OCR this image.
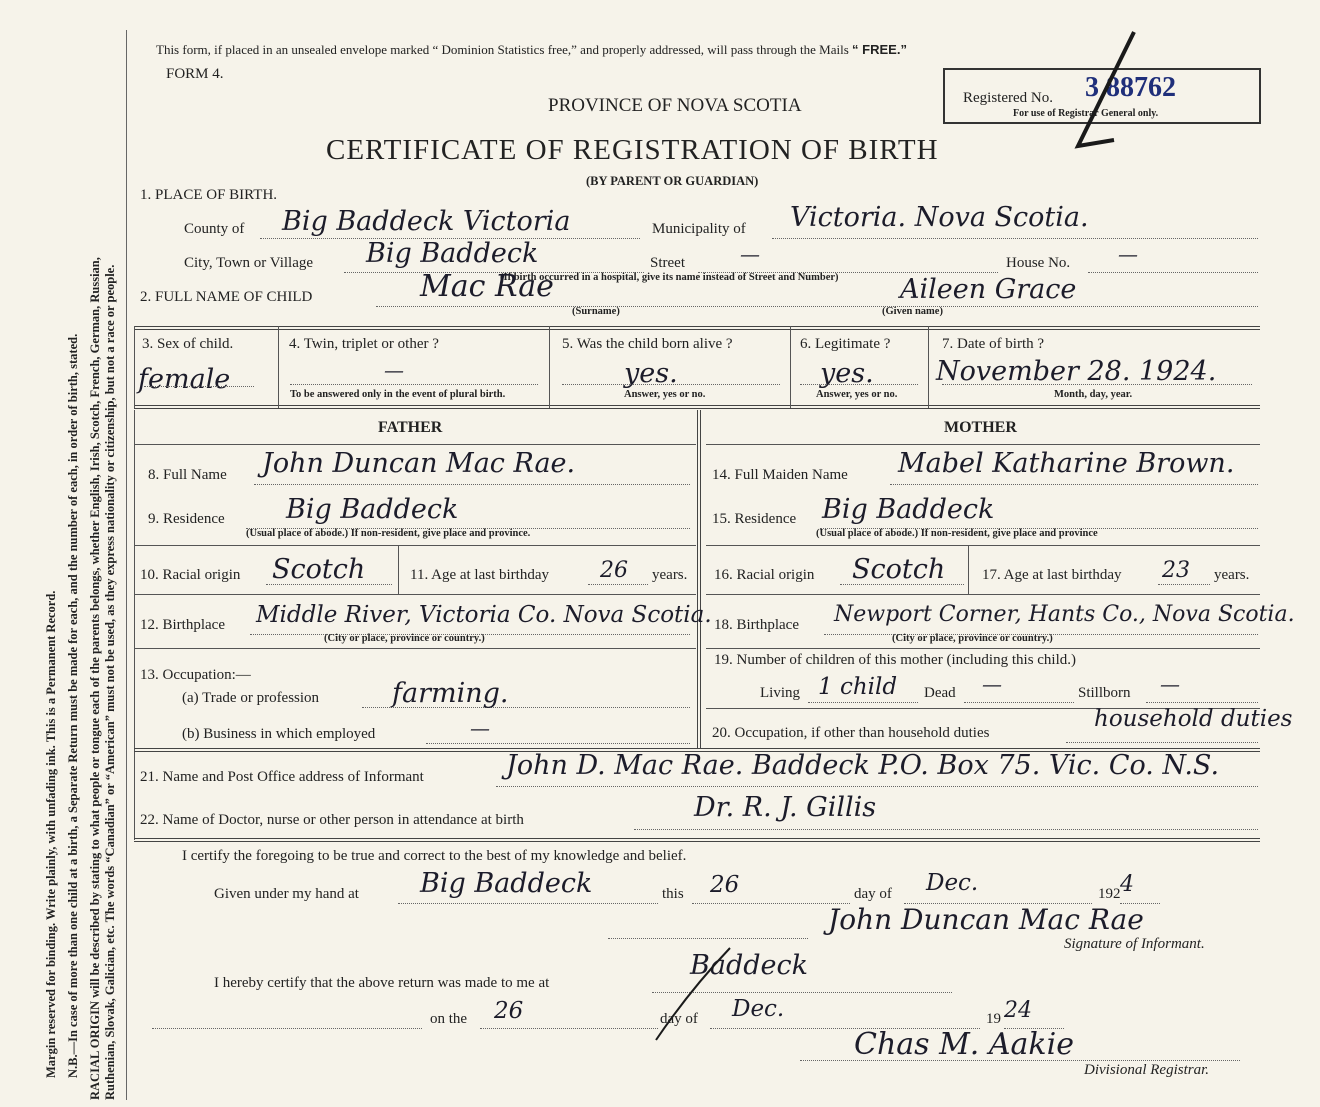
Margin reserved for binding. Write plainly, with unfading ink. This is a Permanent Record. N.B.—In case of more than one child at a birth, a Separate Return must be made for each, and the number of each, in order of birth, stated. RACIAL ORIGIN will be described by stating to what people or tongue each of the parents belongs, whether English, Irish, Scotch, French, German, Russian, Ruthenian, Slovak, Galician, etc. The words “Canadian” or “American” must not be used, as they express nationality or citizenship, but not a race or people.
This form, if placed in an unsealed envelope marked “ Dominion Statistics free,” and properly addressed, will pass through the Mails “ FREE.”
FORM 4.
PROVINCE OF NOVA SCOTIA
CERTIFICATE OF REGISTRATION OF BIRTH
(BY PARENT OR GUARDIAN)
Registered No. 3 88762
For use of Registrar General only.
1. PLACE OF BIRTH.
County of Big Baddeck Victoria	Municipality of Victoria. Nova Scotia.
City, Town or Village Big Baddeck	Street	—	House No. —
(If birth occurred in a hospital, give its name instead of Street and Number)
2. FULL NAME OF CHILD	Mac Rae	Aileen Grace
(Surname)	(Given name)
3. Sex of child.
female
4. Twin, triplet or other ?
—
To be answered only in the event of plural birth.
5. Was the child born alive ?
yes.
Answer, yes or no.
6. Legitimate ?
yes.
Answer, yes or no.
7. Date of birth ?
November 28. 1924.
Month, day, year.
FATHER	MOTHER
8. Full Name John Duncan Mac Rae.
9. Residence Big Baddeck
(Usual place of abode.) If non-resident, give place and province.
10. Racial origin Scotch	11. Age at last birthday 26 years.
12. Birthplace Middle River, Victoria Co. Nova Scotia.
(City or place, province or country.)
13. Occupation:—
(a) Trade or profession	farming.
(b) Business in which employed	—
14. Full Maiden Name Mabel Katharine Brown.
15. Residence Big Baddeck
(Usual place of abode.) If non-resident, give place and province
16. Racial origin Scotch 17. Age at last birthday 23 years.
18. Birthplace Newport Corner, Hants Co., Nova Scotia.
(City or place, province or country.)
19. Number of children of this mother (including this child.)
Living 1 child Dead —	Stillborn —
20. Occupation, if other than household duties
household duties
21. Name and Post Office address of Informant	John D. Mac Rae. Baddeck P.O. Box 75. Vic. Co. N.S.
22. Name of Doctor, nurse or other person in attendance at birth	Dr. R. J. Gillis
I certify the foregoing to be true and correct to the best of my knowledge and belief.
Given under my hand at Big Baddeck	this 26	day of Dec.	192 4
John Duncan Mac Rae
Signature of Informant.
I hereby certify that the above return was made to me at
Baddeck
on the 26	day of Dec.	19 24
Chas M. Aakie
Divisional Registrar.
